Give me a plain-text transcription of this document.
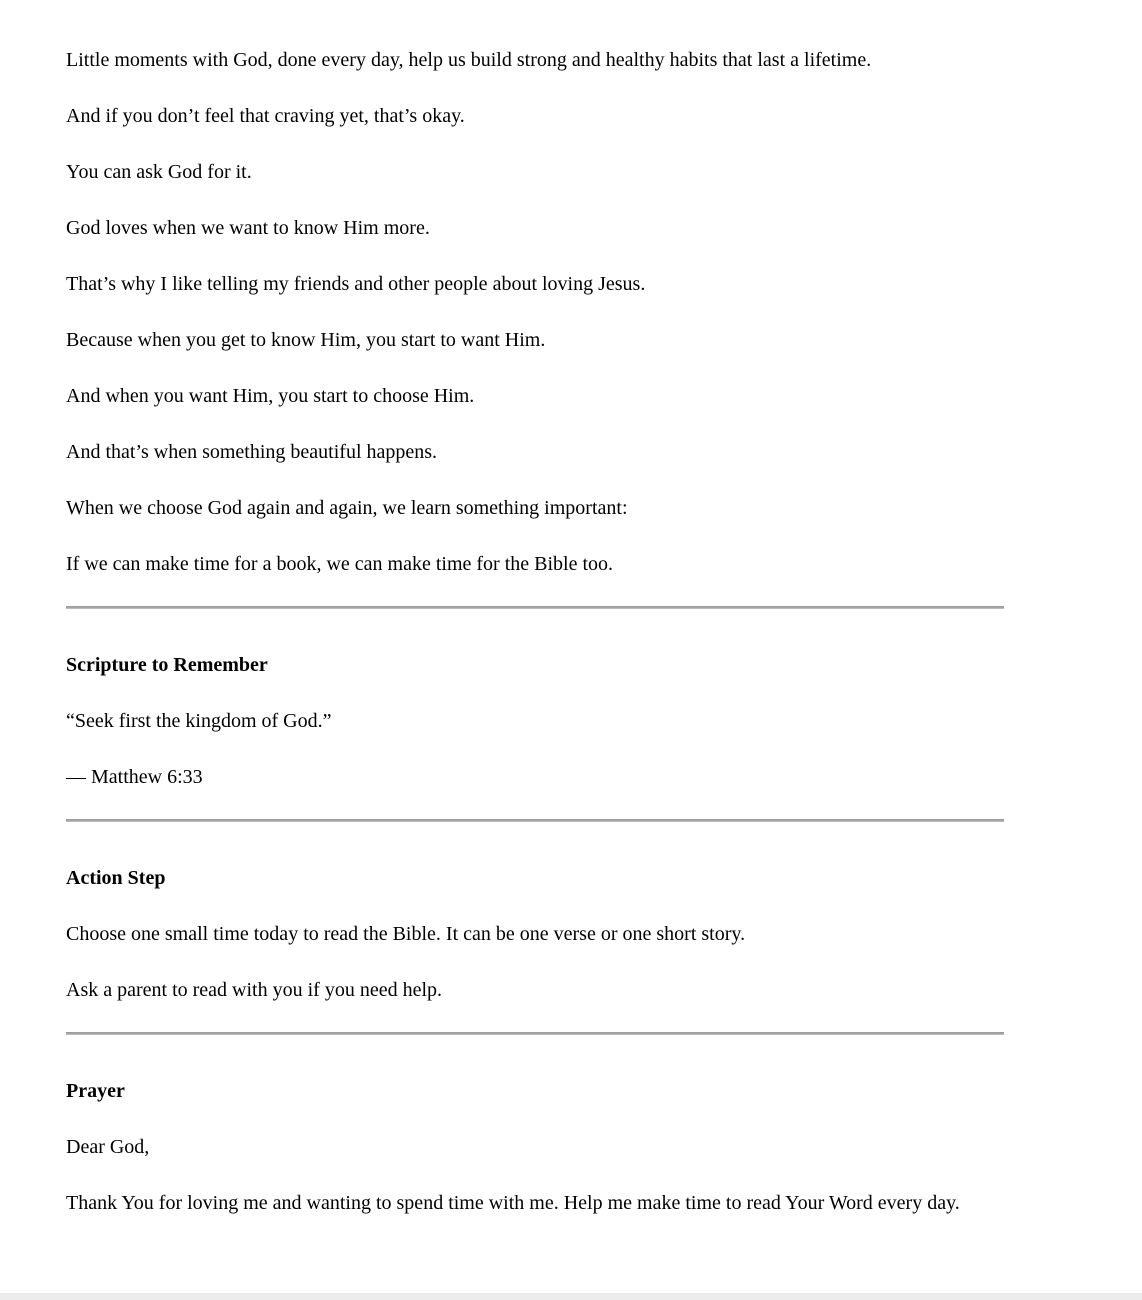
Little moments with God, done every day, help us build strong and healthy habits that last a lifetime.

And if you don’t feel that craving yet, that’s okay.

You can ask God for it.

God loves when we want to know Him more.

That’s why I like telling my friends and other people about loving Jesus.

Because when you get to know Him, you start to want Him.

And when you want Him, you start to choose Him.

And that’s when something beautiful happens.

When we choose God again and again, we learn something important:

If we can make time for a book, we can make time for the Bible too.

Scripture to Remember

“Seek first the kingdom of God.”

— Matthew 6:33

Action Step

Choose one small time today to read the Bible. It can be one verse or one short story.

Ask a parent to read with you if you need help.

Prayer

Dear God,

Thank You for loving me and wanting to spend time with me. Help me make time to read Your Word every day.
